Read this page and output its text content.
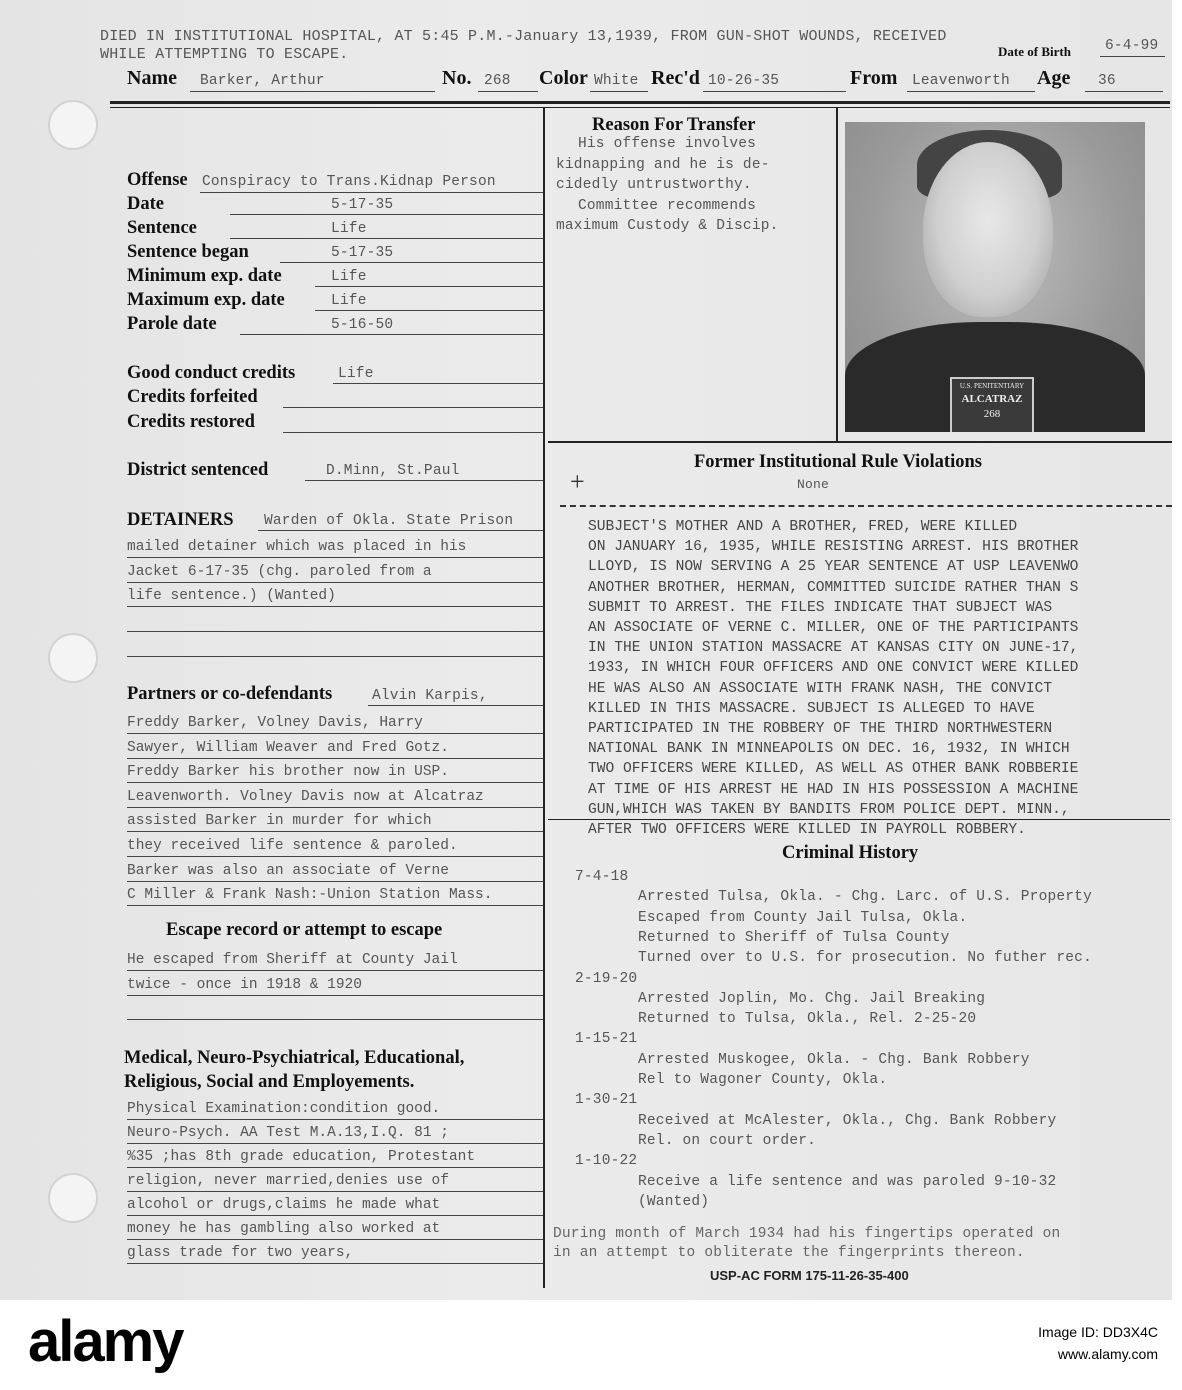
DIED IN INSTITUTIONAL HOSPITAL, AT 5:45 P.M.-January 13,1939, FROM GUN-SHOT WOUNDS, RECEIVED
WHILE ATTEMPTING TO ESCAPE.	Date of Birth 6-4-99
Name Barker, Arthur	No. 268 Color White Rec'd 10-26-35	From Leavenworth Age 36
Offense Conspiracy to Trans.Kidnap Person
Date	5-17-35
Sentence	Life
Sentence began	5-17-35
Minimum exp. date	Life
Maximum exp. date	Life
Parole date	5-16-50
Good conduct credits	Life
Credits forfeited
Credits restored
District sentenced	D.Minn, St.Paul
DETAINERS Warden of Okla. State Prison
mailed detainer which was placed in his
Jacket 6-17-35 (chg. paroled from a
life sentence.) (Wanted)
Partners or co-defendants	Alvin Karpis,
Freddy Barker, Volney Davis, Harry
Sawyer, William Weaver and Fred Gotz.
Freddy Barker his brother now in USP.
Leavenworth. Volney Davis now at Alcatraz
assisted Barker in murder for which
they received life sentence & paroled.
Barker was also an associate of Verne
C Miller & Frank Nash:-Union Station Mass.
Escape record or attempt to escape
He escaped from Sheriff at County Jail
twice - once in 1918 & 1920
Medical, Neuro-Psychiatrical, Educational,
Religious, Social and Employements.
Physical Examination:condition good.
Neuro-Psych. AA Test M.A.13,I.Q. 81 ;
%35 ;has 8th grade education, Protestant
religion, never married,denies use of
alcohol or drugs,claims he made what
money he has gambling also worked at
glass trade for two years,
Reason For Transfer
His offense involves
kidnapping and he is de-
cidedly untrustworthy.
Committee recommends
maximum Custody & Discip.
U.S. PENITENTIARY
ALCATRAZ
268
Former Institutional Rule Violations
None
+
SUBJECT'S MOTHER AND A BROTHER, FRED, WERE KILLED
ON JANUARY 16, 1935, WHILE RESISTING ARREST. HIS BROTHER
LLOYD, IS NOW SERVING A 25 YEAR SENTENCE AT USP LEAVENWO
ANOTHER BROTHER, HERMAN, COMMITTED SUICIDE RATHER THAN S
SUBMIT TO ARREST. THE FILES INDICATE THAT SUBJECT WAS
AN ASSOCIATE OF VERNE C. MILLER, ONE OF THE PARTICIPANTS
IN THE UNION STATION MASSACRE AT KANSAS CITY ON JUNE-17,
1933, IN WHICH FOUR OFFICERS AND ONE CONVICT WERE KILLED
HE WAS ALSO AN ASSOCIATE WITH FRANK NASH, THE CONVICT
KILLED IN THIS MASSACRE. SUBJECT IS ALLEGED TO HAVE
PARTICIPATED IN THE ROBBERY OF THE THIRD NORTHWESTERN
NATIONAL BANK IN MINNEAPOLIS ON DEC. 16, 1932, IN WHICH
TWO OFFICERS WERE KILLED, AS WELL AS OTHER BANK ROBBERIE
AT TIME OF HIS ARREST HE HAD IN HIS POSSESSION A MACHINE
GUN,WHICH WAS TAKEN BY BANDITS FROM POLICE DEPT. MINN.,
AFTER TWO OFFICERS WERE KILLED IN PAYROLL ROBBERY.
Criminal History
7-4-18
Arrested Tulsa, Okla. - Chg. Larc. of U.S. Property
Escaped from County Jail Tulsa, Okla.
Returned to Sheriff of Tulsa County
Turned over to U.S. for prosecution. No futher rec.
2-19-20
Arrested Joplin, Mo. Chg. Jail Breaking
Returned to Tulsa, Okla., Rel. 2-25-20
1-15-21
Arrested Muskogee, Okla. - Chg. Bank Robbery
Rel to Wagoner County, Okla.
1-30-21
Received at McAlester, Okla., Chg. Bank Robbery
Rel. on court order.
1-10-22
Receive a life sentence and was paroled 9-10-32
(Wanted)
During month of March 1934 had his fingertips operated on
in an attempt to obliterate the fingerprints thereon.
USP-AC FORM 175-11-26-35-400
alamy	Image ID: DD3X4C
www.alamy.com
